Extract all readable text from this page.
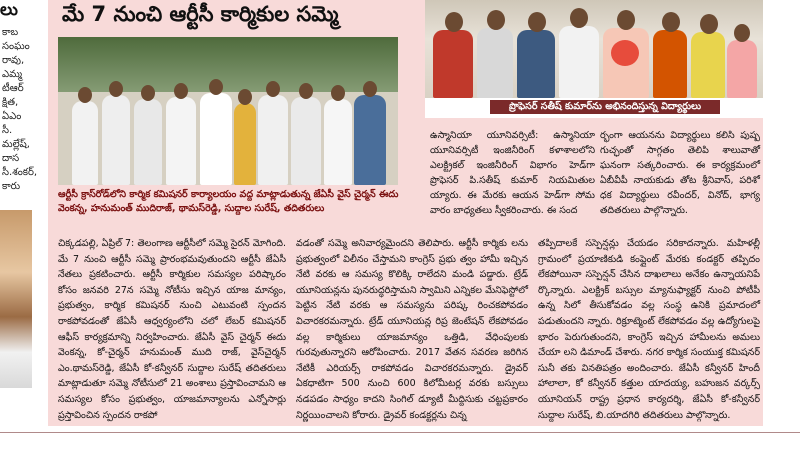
లు
కాబ
సంఘం
రావు,
ఎమ్మ
టీఆర్
క్షిత,
ఏఎం
సీ.
మల్లేష్,
దాస
సీ.శంకర్,
కారు
మే 7 నుంచి ఆర్టీసీ కార్మికుల సమ్మె
ఆర్టీసీ క్రాస్‌రోడ్‌లోని కార్మిక కమిషనర్ కార్యాలయం వద్ద మాట్లాడుతున్న జేఏసీ వైస్ చైర్మన్ ఈదు వెంకన్న, హనుమంత్ ముదిరాజ్, థామస్‌రెడ్డి, సుద్దాల సురేష్, తదితరులు
ప్రొఫెసర్ సతీష్ కుమార్‌ను అభినందిస్తున్న విద్యార్థులు
ఉస్మానియా యూనివర్సిటీ: ఉస్మానియా యూనివర్సిటీ ఇంజినీరింగ్ కళాశాలలోని ఎలక్ట్రికల్ ఇంజినీరింగ్ విభాగం హెడ్‌గా ప్రొఫెసర్ పి.సతీష్ కుమార్ నియమితుల య్యారు. ఈ మేరకు ఆయన హెడ్‌గా సోమ వారం బాధ్యతలు స్వీకరించారు. ఈ సంద
ర్భంగా ఆయనను విద్యార్థులు కలిసి పుష్ప గుచ్ఛంతో సాగ్గతం తెలిపి శాలువాతో ఘనంగా సత్కరించారు. ఈ కార్యక్రమంలో ఏబీవీపీ నాయకుడు తోట శ్రీనివాస్, పరిశో ధక విద్యార్థులు రవీందర్, వినోద్, భాగ్య తదితరులు పాల్గొన్నారు.
చిక్కడపల్లి, ఏప్రిల్ 7: తెలంగాణ ఆర్టీసీలో సమ్మె సైరన్ మోగింది. మే 7 నుంచి ఆర్టీసీ సమ్మె ప్రారంభమవుతుందని ఆర్టీసీ జేఏసీ నేతలు ప్రకటించారు. ఆర్టీసీ కార్మికుల సమస్యల పరిష్కారం కోసం జనవరి 27న సమ్మె నోటీసు ఇచ్చిన యాజ మాన్యం, ప్రభుత్వం, కార్మిక కమిషనర్ నుంచి ఎటువంటి స్పందన రాకపోవడంతో జేఏసీ ఆధ్వర్యంలోని చలో లేబర్ కమిషనర్ ఆఫీస్ కార్యక్రమాన్ని నిర్వహించారు. జేఏసీ వైస్ చైర్మన్ ఈదు వెంకన్న, కో-చైర్మన్ హనుమంత్ ముది రాజ్, వైస్‌చైర్మన్ ఎం.థామస్‌రెడ్డి, జేఏసీ కో-కన్వీనర్ సుద్దాల సురేష్ తదితరులు మాట్లాడుతూ సమ్మె నోటీసులో 21 అంశాలు ప్రస్తావించామని ఆ సమస్యల కోసం ప్రభుత్వం, యాజమాన్యాలను ఎన్నోసార్లు ప్రస్తావించిన స్పందన రాకపో
వడంతో సమ్మె అనివార్యమైందని తెలిపారు. ఆర్టీసీ కార్మికు లను ప్రభుత్వంలో విలీనం చేస్తామని కాంగ్రెస్ ప్రభు త్వం హామీ ఇచ్చిన నేటి వరకు ఆ సమస్య కొలిక్కి రాలేదని మండి పడ్డారు. ట్రేడ్ యూనియన్లను పునరుద్ధరిస్తామని స్వామిని ఎన్నికల మేనిఫెస్టోలో పెట్టిన నేటి వరకు ఆ సమస్యను పరిష్క రించకపోవడం విచారకరమన్నారు. ట్రేడ్ యూనియన్ల రిప్ర జెంటేషన్ లేకపోవడం వల్ల కార్మికులు యాజమాన్యం ఒత్తిడి, వేధింపులకు గురవుతున్నారని ఆరోపించారు. 2017 వేతన సవరణ జరిగిన నేటికీ ఎరియర్స్ రాకపోవడం విచారకరమన్నారు. డ్రైవర్ ఏకధాటిగా 500 నుంచి 600 కిలోమీటర్ల వరకు బస్సులు నడపడం సాధ్యం కాదని సింగిల్ డ్యూటీ మీద్దిసుకు చట్టప్రకారం నిర్ణయించాలని కోరారు. డ్రైవర్ కండక్టర్లను చిన్న
తప్పిదాలకే సస్పెన్షన్లు చేయడం సరికాదన్నారు. మహిళల్లీ గ్రామంలో ప్రయాణికుడి కంప్లైంట్ మేరకు కండక్టర్ తప్పిదం లేకపోయినా సస్పెన్షన్ చేసిన దాఖలాలు అనేకం ఉన్నాయనిపే ర్కొన్నారు. ఎలక్ట్రిక్ బస్సుల మ్యానుఫ్యాక్టర్ నుంచి పోటీపీ ఉన్న సిలో తీసుకోవడం వల్ల సంస్థ ఉనికి ప్రమాదంలో పడుతుందని న్నారు. రిక్రూట్మెంట్ లేకపోవడం వల్ల ఉద్యోగులపై భారం పెరుగుతుందని, కాంగ్రెస్ ఇచ్చిన హామీలను అమలు చేయా లని డిమాండ్ చేశారు. నగర కార్మిక సంయుక్త కమిషనర్ సునీ తకు వినతిపత్రం అందించారు. జేఏసీ కన్వీనర్ హిందీ హాలాలా, కో కన్వీనర్ కత్తుల యాదయ్య, బహుజన వర్కర్స్ యూనియన్ రాష్ట్ర ప్రధాన కార్యదర్శి, జేఏసీ కో-కన్వీనర్ సుద్దాల సురేష్, బి.యాదగిరి తదితరులు పాల్గొన్నారు.
